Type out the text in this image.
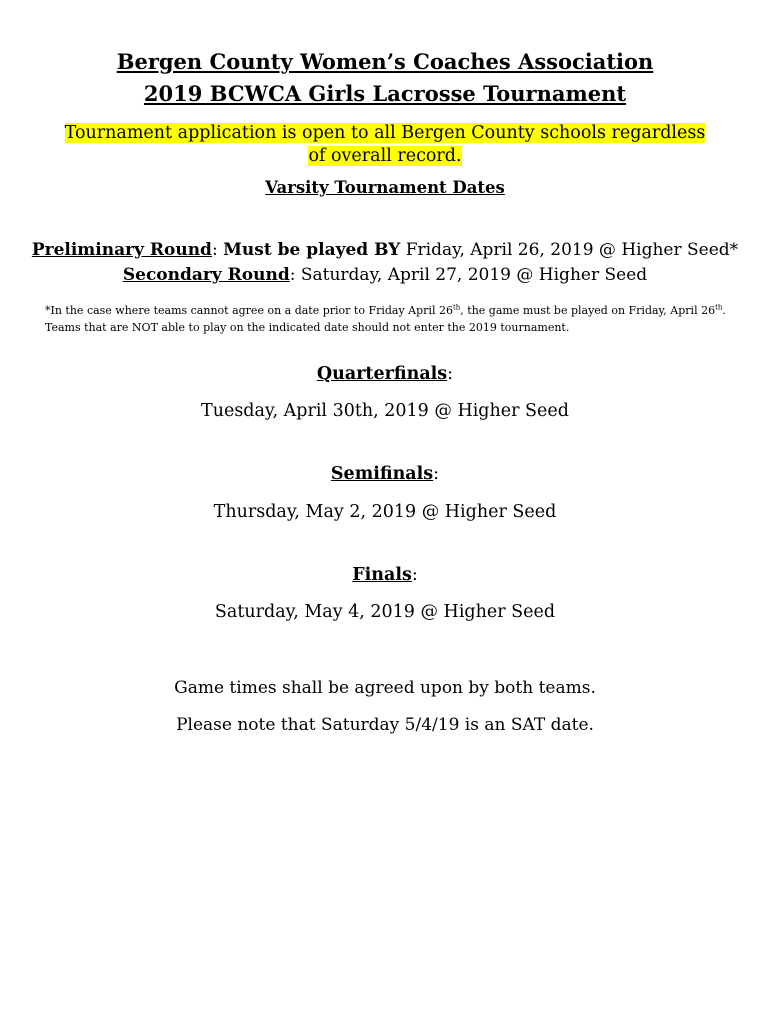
Bergen County Women’s Coaches Association
2019 BCWCA Girls Lacrosse Tournament
Tournament application is open to all Bergen County schools regardless of overall record.
Varsity Tournament Dates
Preliminary Round: Must be played BY Friday, April 26, 2019 @ Higher Seed*
Secondary Round: Saturday, April 27, 2019 @ Higher Seed
*In the case where teams cannot agree on a date prior to Friday April 26th, the game must be played on Friday, April 26th.
Teams that are NOT able to play on the indicated date should not enter the 2019 tournament.
Quarterfinals:
Tuesday, April 30th, 2019 @ Higher Seed
Semifinals:
Thursday, May 2, 2019 @ Higher Seed
Finals:
Saturday, May 4, 2019 @ Higher Seed
Game times shall be agreed upon by both teams.
Please note that Saturday 5/4/19 is an SAT date.
